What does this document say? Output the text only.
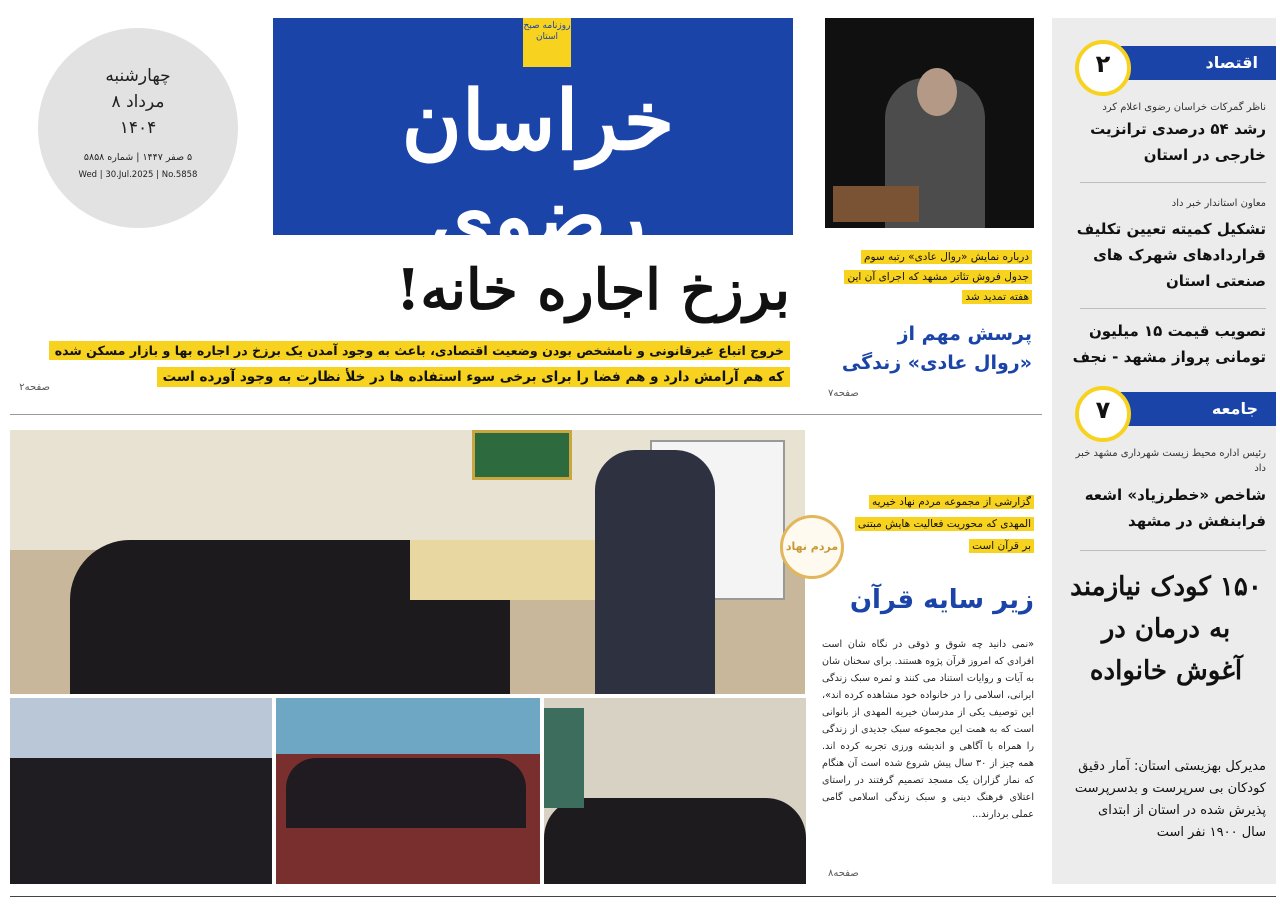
چهارشنبه
۸ مرداد
۱۴۰۴
۵ صفر ۱۴۴۷ | شماره ۵۸۵۸
Wed | 30.Jul.2025 | No.5858
روزنامه صبح استان
خراسان رضوی
برزخ اجاره خانه!
خروج اتباع غیرقانونی و نامشخص بودن وضعیت اقتصادی، باعث به وجود آمدن یک برزخ در اجاره بها و بازار مسکن شده
که هم آرامش دارد و هم فضا را برای برخی سوء استفاده ها در خلأ نظارت به وجود آورده است
صفحه۲
درباره نمایش «روال عادی» رتبه سوم جدول فروش تئاتر مشهد که اجرای آن این هفته تمدید شد
پرسش مهم از «روال عادی» زندگی
صفحه۷
گزارشی از مجموعه مردم نهاد خیریه المهدی که محوریت فعالیت هایش مبتنی بر قرآن است
مردم نهاد
زیر سایه قرآن
«نمی دانید چه شوق و ذوقی در نگاه شان است افرادی که امروز قرآن پژوه هستند. برای سخنان شان به آیات و روایات استناد می کنند و ثمره سبک زندگی ایرانی، اسلامی را در خانواده خود مشاهده کرده اند»، این توصیف یکی از مدرسان خیریه المهدی از بانوانی است که به همت این مجموعه سبک جدیدی از زندگی را همراه با آگاهی و اندیشه ورزی تجربه کرده اند. همه چیز از ۳۰ سال پیش شروع شده است آن هنگام که نماز گزاران یک مسجد تصمیم گرفتند در راستای اعتلای فرهنگ دینی و سبک زندگی اسلامی گامی عملی بردارند...
صفحه۸
اقتصاد
۲
ناظر گمرکات خراسان رضوی اعلام کرد
رشد ۵۴ درصدی ترانزیت خارجی در استان
معاون استاندار خبر داد
تشکیل کمیته تعیین تکلیف قراردادهای شهرک های صنعتی استان
تصویب قیمت ۱۵ میلیون تومانی پرواز مشهد - نجف
جامعه
۷
رئیس اداره محیط زیست شهرداری مشهد خبر داد
شاخص «خطرزیاد» اشعه فرابنفش در مشهد
۱۵۰ کودک نیازمند به درمان در آغوش خانواده
مدیرکل بهزیستی استان: آمار دقیق کودکان بی سرپرست و بدسرپرست پذیرش شده در استان از ابتدای سال ۱۹۰۰ نفر است
